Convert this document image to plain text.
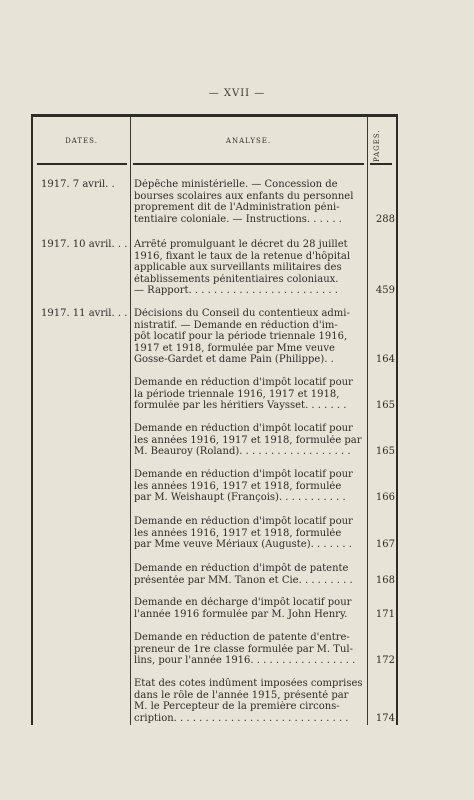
— XVII —
DATES.	ANALYSE.	PAGES.
1917. 7 avril. .	Dépêche ministérielle. — Concession de
bourses scolaires aux enfants du personnel
proprement dit de l'Administration péni-
tentiaire coloniale. — Instructions. . . . . .	288
1917. 10 avril. . . Arrêté promulguant le décret du 28 juillet
1916, fixant le taux de la retenue d'hôpital
applicable aux surveillants militaires des
établissements pénitentiaires coloniaux.
— Rapport. . . . . . . . . . . . . . . . . . . . . . . .	459
1917. 11 avril. . . Décisions du Conseil du contentieux admi-
nistratif. — Demande en réduction d'im-
pôt locatif pour la période triennale 1916,
1917 et 1918, formulée par Mme veuve
Gosse-Gardet et dame Pain (Philippe). .	164
Demande en réduction d'impôt locatif pour
la période triennale 1916, 1917 et 1918,
formulée par les héritiers Vaysset. . . . . . .	165
Demande en réduction d'impôt locatif pour
les années 1916, 1917 et 1918, formulée par
M. Beauroy (Roland). . . . . . . . . . . . . . . . . .	165
Demande en réduction d'impôt locatif pour
les années 1916, 1917 et 1918, formulée
par M. Weishaupt (François). . . . . . . . . . .	166
Demande en réduction d'impôt locatif pour
les années 1916, 1917 et 1918, formulée
par Mme veuve Mériaux (Auguste). . . . . . .	167
Demande en réduction d'impôt de patente
présentée par MM. Tanon et Cie. . . . . . . . .	168
Demande en décharge d'impôt locatif pour
l'année 1916 formulée par M. John Henry.	171
Demande en réduction de patente d'entre-
preneur de 1re classe formulée par M. Tul-
lins, pour l'année 1916. . . . . . . . . . . . . . . . .	172
État des cotes indûment imposées comprises
dans le rôle de l'année 1915, présenté par
M. le Percepteur de la première circons-
cription. . . . . . . . . . . . . . . . . . . . . . . . . . . .	174
